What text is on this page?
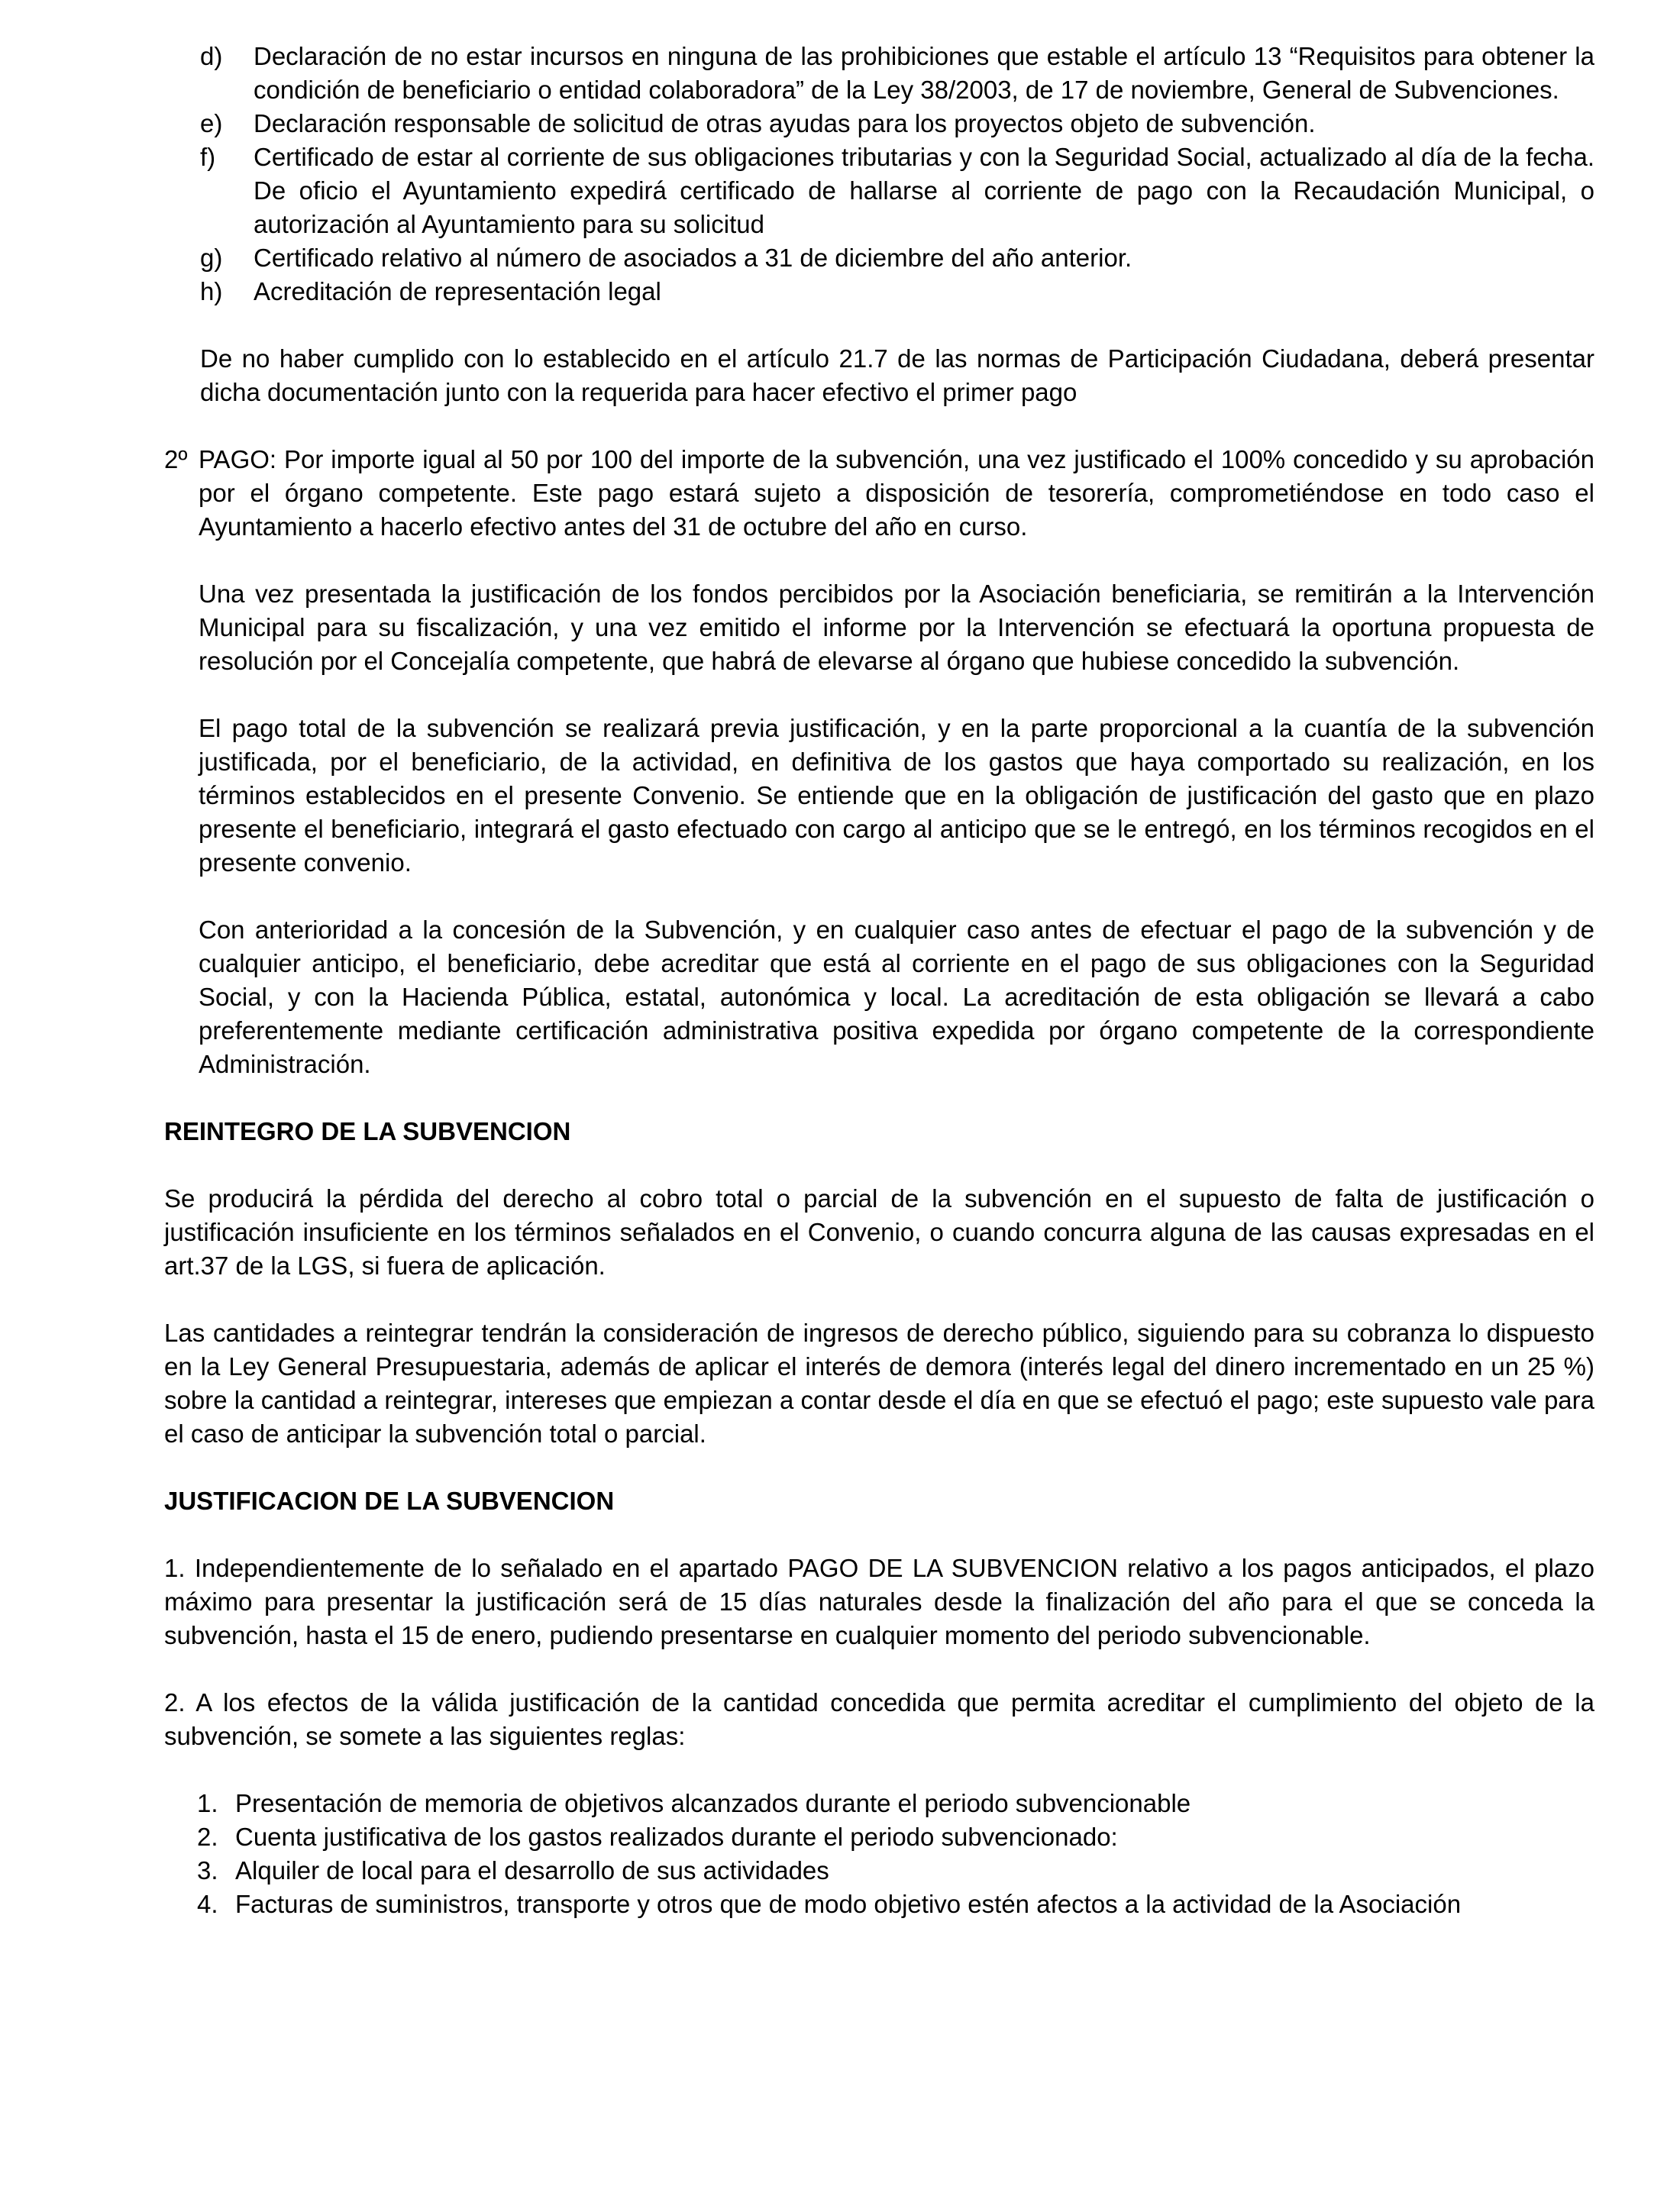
d)	Declaración de no estar incursos en ninguna de las prohibiciones que estable el artículo 13 “Requisitos para obtener la condición de beneficiario o entidad colaboradora” de la Ley 38/2003, de 17 de noviembre, General de Subvenciones.
e)	Declaración responsable de solicitud de otras ayudas para los proyectos objeto de subvención.
f)	Certificado de estar al corriente de sus obligaciones tributarias y con la Seguridad Social, actualizado al día de la fecha. De oficio el Ayuntamiento expedirá certificado de hallarse al corriente de pago con la Recaudación Municipal, o autorización al Ayuntamiento para su solicitud
g)	Certificado relativo al número de asociados a 31 de diciembre del año anterior.
h)	Acreditación de representación legal

De no haber cumplido con lo establecido en el artículo 21.7 de las normas de Participación Ciudadana, deberá presentar dicha documentación junto con la requerida para hacer efectivo el primer pago

2º PAGO: Por importe igual al 50 por 100 del importe de la subvención, una vez justificado el 100% concedido y su aprobación por el órgano competente. Este pago estará sujeto a disposición de tesorería, comprometiéndose en todo caso el Ayuntamiento a hacerlo efectivo antes del 31 de octubre del año en curso.

Una vez presentada la justificación de los fondos percibidos por la Asociación beneficiaria, se remitirán a la Intervención Municipal para su fiscalización, y una vez emitido el informe por la Intervención se efectuará la oportuna propuesta de resolución por el Concejalía competente, que habrá de elevarse al órgano que hubiese concedido la subvención.

El pago total de la subvención se realizará previa justificación, y en la parte proporcional a la cuantía de la subvención justificada, por el beneficiario, de la actividad, en definitiva de los gastos que haya comportado su realización, en los términos establecidos en el presente Convenio. Se entiende que en la obligación de justificación del gasto que en plazo presente el beneficiario, integrará el gasto efectuado con cargo al anticipo que se le entregó, en los términos recogidos en el presente convenio.

Con anterioridad a la concesión de la Subvención, y en cualquier caso antes de efectuar el pago de la subvención y de cualquier anticipo, el beneficiario, debe acreditar que está al corriente en el pago de sus obligaciones con la Seguridad Social, y con la Hacienda Pública, estatal, autonómica y local. La acreditación de esta obligación se llevará a cabo preferentemente mediante certificación administrativa positiva expedida por órgano competente de la correspondiente Administración.

REINTEGRO DE LA SUBVENCION

Se producirá la pérdida del derecho al cobro total o parcial de la subvención en el supuesto de falta de justificación o justificación insuficiente en los términos señalados en el Convenio, o cuando concurra alguna de las causas expresadas en el art.37 de la LGS, si fuera de aplicación.

Las cantidades a reintegrar tendrán la consideración de ingresos de derecho público, siguiendo para su cobranza lo dispuesto en la Ley General Presupuestaria, además de aplicar el interés de demora (interés legal del dinero incrementado en un 25 %) sobre la cantidad a reintegrar, intereses que empiezan a contar desde el día en que se efectuó el pago; este supuesto vale para el caso de anticipar la subvención total o parcial.

JUSTIFICACION DE LA SUBVENCION

1. Independientemente de lo señalado en el apartado PAGO DE LA SUBVENCION relativo a los pagos anticipados, el plazo máximo para presentar la justificación será de 15 días naturales desde la finalización del año para el que se conceda la subvención, hasta el 15 de enero, pudiendo presentarse en cualquier momento del periodo subvencionable.

2. A los efectos de la válida justificación de la cantidad concedida que permita acreditar el cumplimiento del objeto de la subvención, se somete a las siguientes reglas:

1. Presentación de memoria de objetivos alcanzados durante el periodo subvencionable
2. Cuenta justificativa de los gastos realizados durante el periodo subvencionado:
3. Alquiler de local para el desarrollo de sus actividades
4. Facturas de suministros, transporte y otros que de modo objetivo estén afectos a la actividad de la Asociación
